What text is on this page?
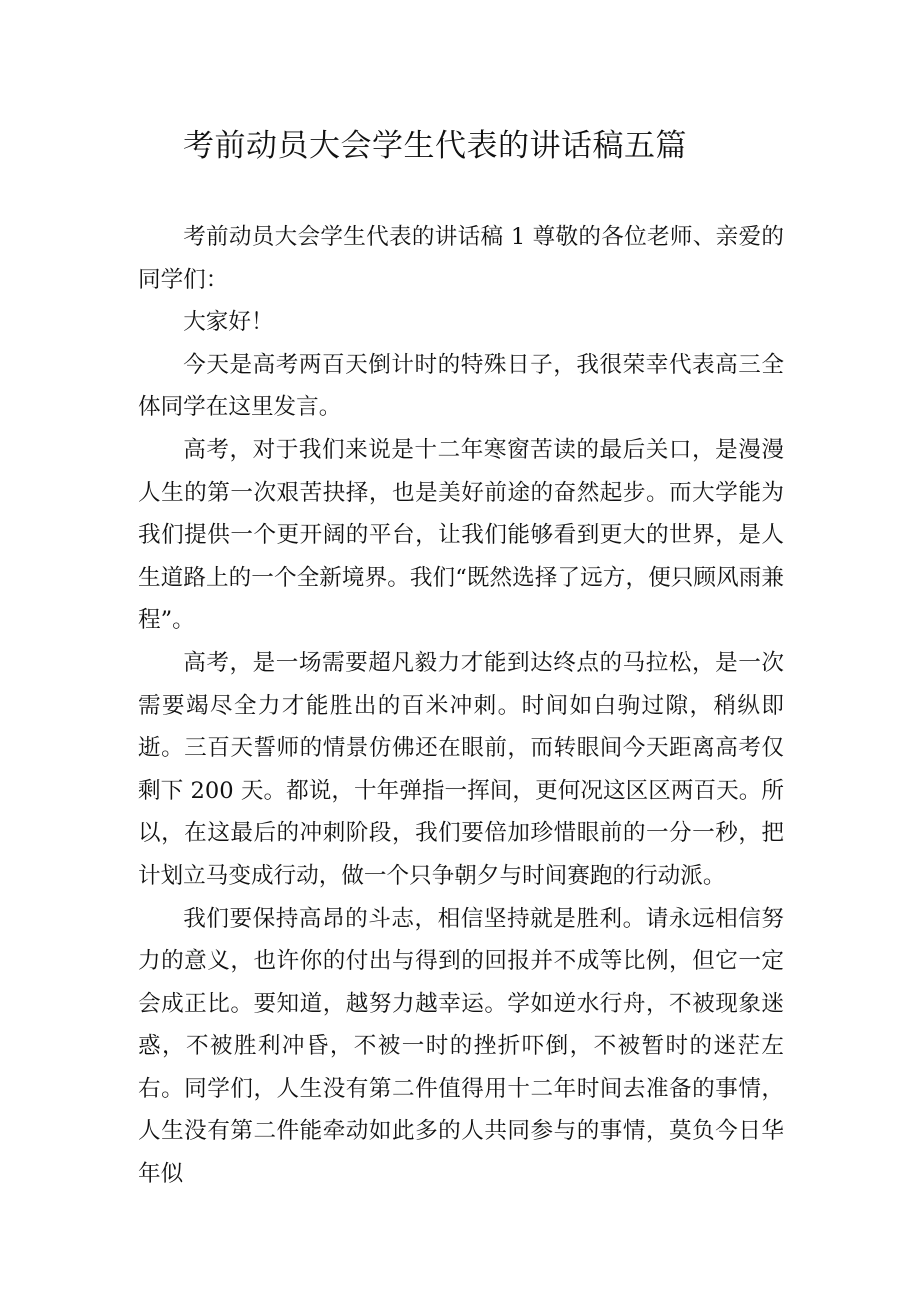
考前动员大会学生代表的讲话稿五篇

考前动员大会学生代表的讲话稿 1 尊敬的各位老师、亲爱的同学们：

大家好！

今天是高考两百天倒计时的特殊日子，我很荣幸代表高三全体同学在这里发言。

高考，对于我们来说是十二年寒窗苦读的最后关口，是漫漫人生的第一次艰苦抉择，也是美好前途的奋然起步。而大学能为我们提供一个更开阔的平台，让我们能够看到更大的世界，是人生道路上的一个全新境界。我们“既然选择了远方，便只顾风雨兼程”。

高考，是一场需要超凡毅力才能到达终点的马拉松，是一次需要竭尽全力才能胜出的百米冲刺。时间如白驹过隙，稍纵即逝。三百天誓师的情景仿佛还在眼前，而转眼间今天距离高考仅剩下 200 天。都说，十年弹指一挥间，更何况这区区两百天。所以，在这最后的冲刺阶段，我们要倍加珍惜眼前的一分一秒，把计划立马变成行动，做一个只争朝夕与时间赛跑的行动派。

我们要保持高昂的斗志，相信坚持就是胜利。请永远相信努力的意义，也许你的付出与得到的回报并不成等比例，但它一定会成正比。要知道，越努力越幸运。学如逆水行舟，不被现象迷惑，不被胜利冲昏，不被一时的挫折吓倒，不被暂时的迷茫左右。同学们，人生没有第二件值得用十二年时间去准备的事情，人生没有第二件能牵动如此多的人共同参与的事情，莫负今日华年似
